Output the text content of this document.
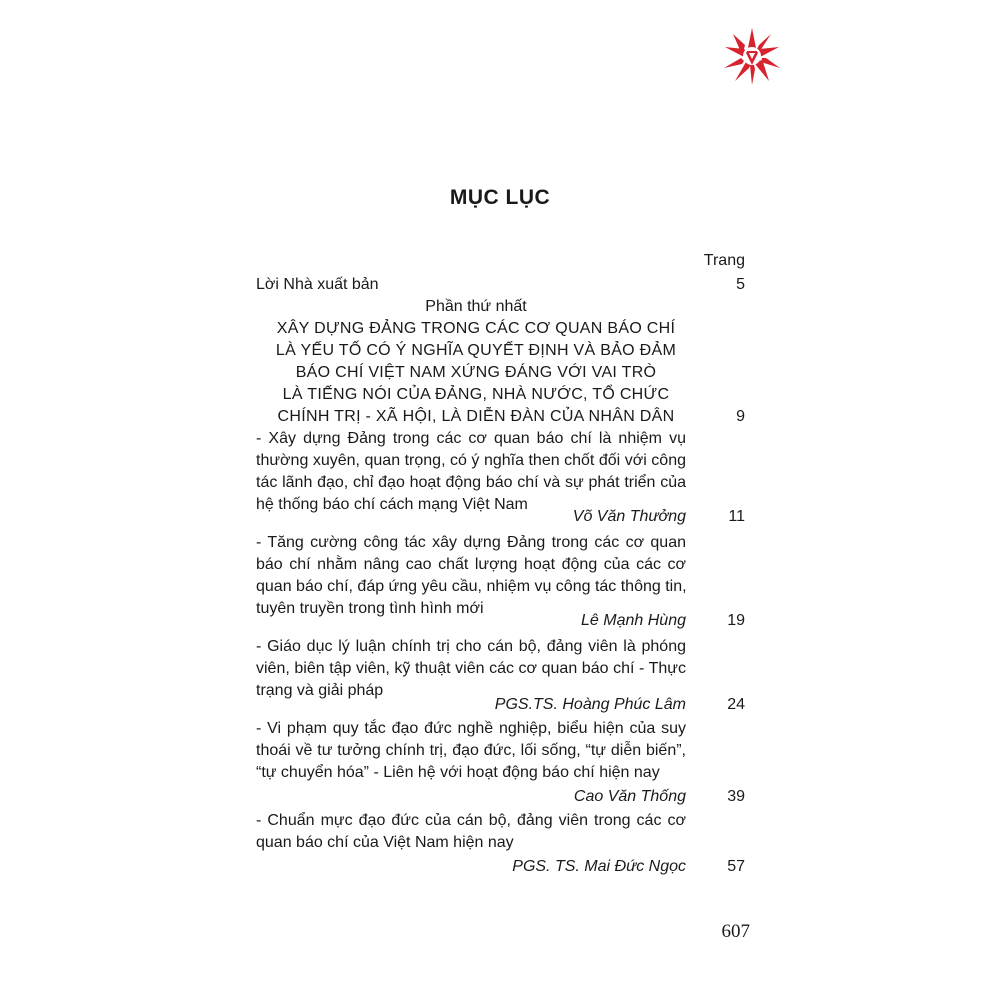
MỤC LỤC
Trang
Lời Nhà xuất bản	5
Phần thứ nhất
XÂY DỰNG ĐẢNG TRONG CÁC CƠ QUAN BÁO CHÍ
LÀ YẾU TỐ CÓ Ý NGHĨA QUYẾT ĐỊNH VÀ BẢO ĐẢM
BÁO CHÍ VIỆT NAM XỨNG ĐÁNG VỚI VAI TRÒ
LÀ TIẾNG NÓI CỦA ĐẢNG, NHÀ NƯỚC, TỔ CHỨC
CHÍNH TRỊ - XÃ HỘI, LÀ DIỄN ĐÀN CỦA NHÂN DÂN	9
- Xây dựng Đảng trong các cơ quan báo chí là nhiệm vụ
thường xuyên, quan trọng, có ý nghĩa then chốt đối với công
tác lãnh đạo, chỉ đạo hoạt động báo chí và sự phát triển của
hệ thống báo chí cách mạng Việt Nam
Võ Văn Thưởng	11
- Tăng cường công tác xây dựng Đảng trong các cơ quan
báo chí nhằm nâng cao chất lượng hoạt động của các cơ
quan báo chí, đáp ứng yêu cầu, nhiệm vụ công tác thông tin,
tuyên truyền trong tình hình mới
Lê Mạnh Hùng	19
- Giáo dục lý luận chính trị cho cán bộ, đảng viên là phóng
viên, biên tập viên, kỹ thuật viên các cơ quan báo chí - Thực
trạng và giải pháp
PGS.TS. Hoàng Phúc Lâm	24
- Vi phạm quy tắc đạo đức nghề nghiệp, biểu hiện của suy
thoái về tư tưởng chính trị, đạo đức, lối sống, “tự diễn biến”,
“tự chuyển hóa” - Liên hệ với hoạt động báo chí hiện nay
Cao Văn Thống	39
- Chuẩn mực đạo đức của cán bộ, đảng viên trong các cơ
quan báo chí của Việt Nam hiện nay
PGS. TS. Mai Đức Ngọc	57
607
